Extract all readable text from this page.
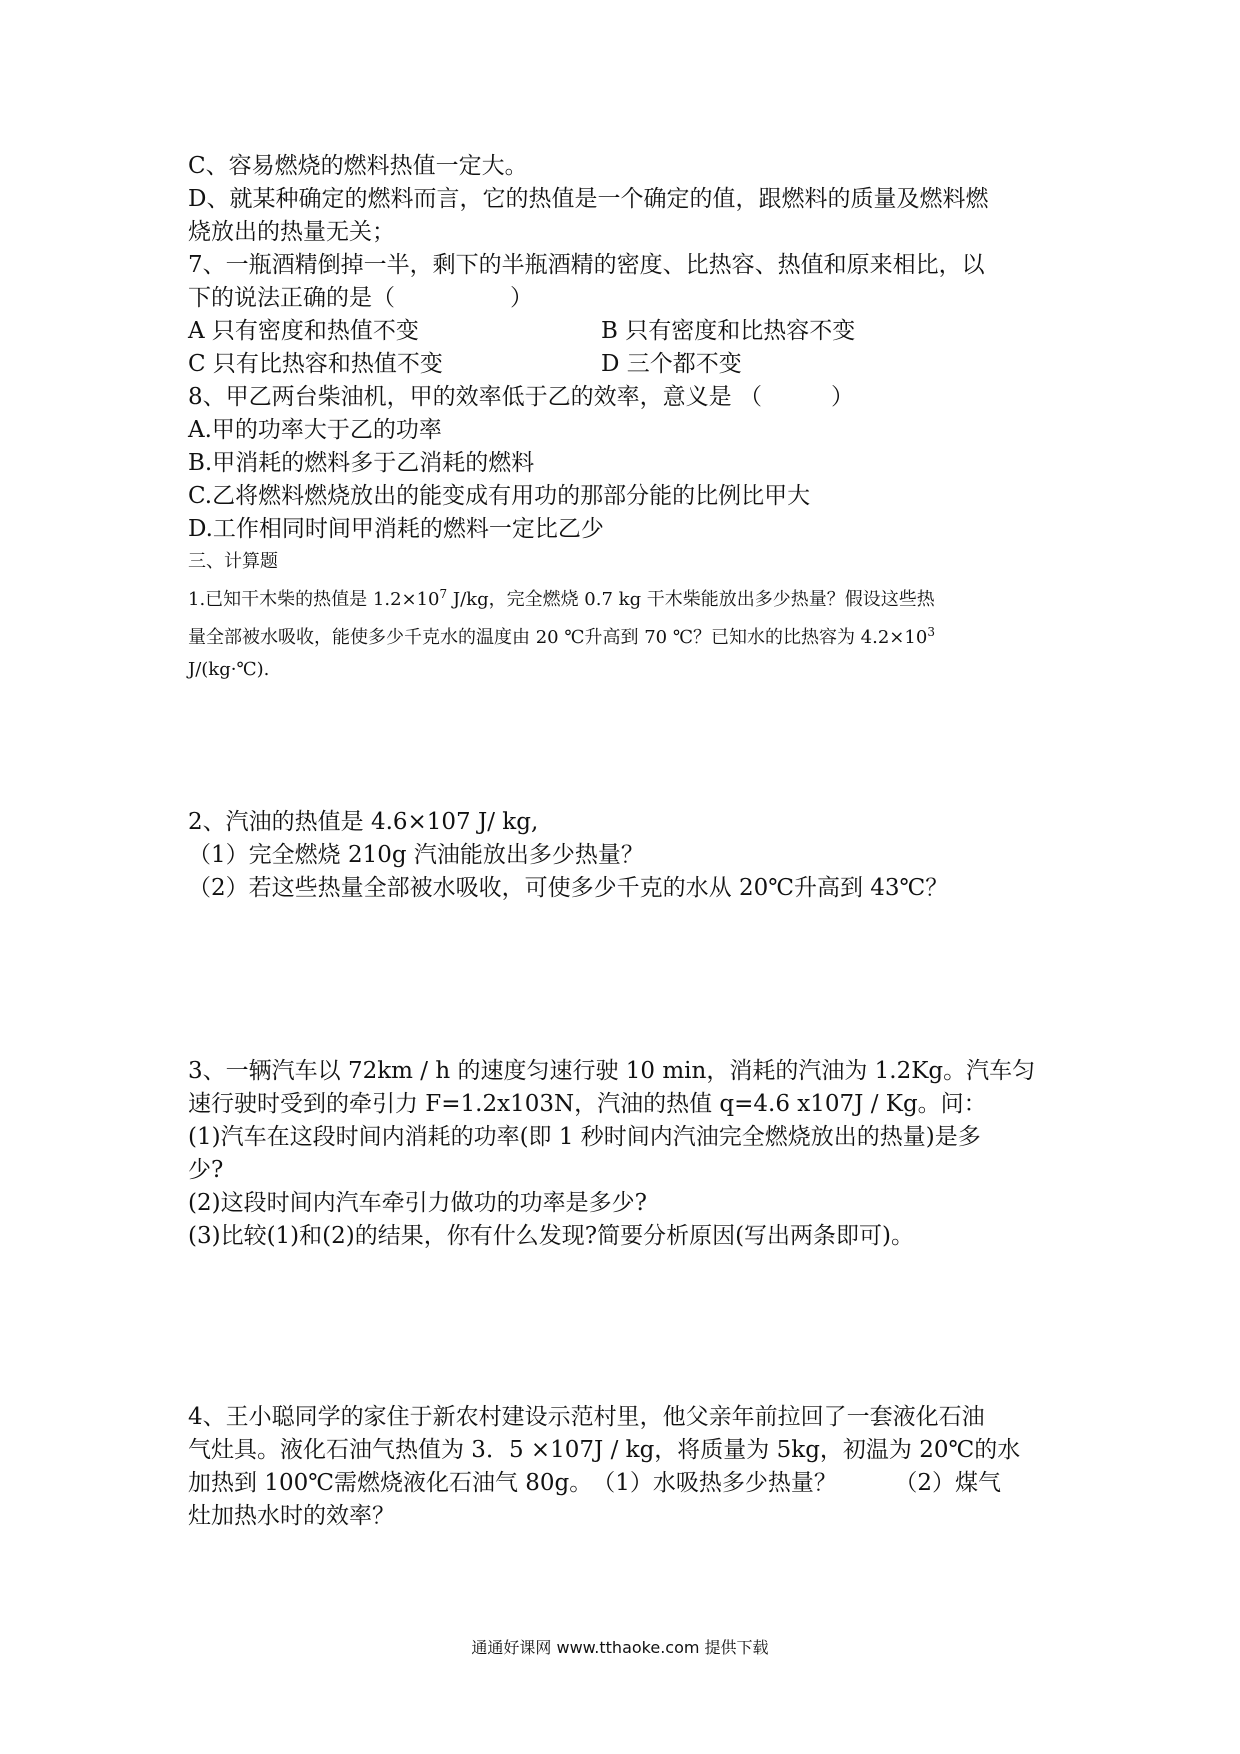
C、容易燃烧的燃料热值一定大。
D、就某种确定的燃料而言，它的热值是一个确定的值，跟燃料的质量及燃料燃
烧放出的热量无关；
7、一瓶酒精倒掉一半，剩下的半瓶酒精的密度、比热容、热值和原来相比，以
下的说法正确的是（　　　　　）
A 只有密度和热值不变	B 只有密度和比热容不变
C 只有比热容和热值不变	D 三个都不变
8、甲乙两台柴油机，甲的效率低于乙的效率，意义是 （　　　）
A.甲的功率大于乙的功率
B.甲消耗的燃料多于乙消耗的燃料
C.乙将燃料燃烧放出的能变成有用功的那部分能的比例比甲大
D.工作相同时间甲消耗的燃料一定比乙少
三、计算题
1.已知干木柴的热值是 $1.2\times 10^7$ J/kg，完全燃烧 0.7 kg 干木柴能放出多少热量？假设这些热
量全部被水吸收，能使多少千克水的温度由 20 ℃升高到 70 ℃？已知水的比热容为 $4.2\times 10^3$
J/(kg·℃).
2、汽油的热值是 4.6×107 J/ kg,
（1）完全燃烧 210g 汽油能放出多少热量？
（2）若这些热量全部被水吸收，可使多少千克的水从 20℃升高到 43℃？
3、一辆汽车以 72km / h 的速度匀速行驶 10 min，消耗的汽油为 1.2Kg。汽车匀
速行驶时受到的牵引力 F=1.2x103N，汽油的热值 q=4.6 x107J / Kg。问：
(1)汽车在这段时间内消耗的功率(即 1 秒时间内汽油完全燃烧放出的热量)是多
少?
(2)这段时间内汽车牵引力做功的功率是多少?
(3)比较(1)和(2)的结果，你有什么发现?简要分析原因(写出两条即可)。
4、王小聪同学的家住于新农村建设示范村里，他父亲年前拉回了一套液化石油
气灶具。液化石油气热值为 3．5 ×107J / kg，将质量为 5kg，初温为 20℃的水
加热到 100℃需燃烧液化石油气 80g。　（1）水吸热多少热量？　　　（2）煤气
灶加热水时的效率？
通通好课网 www.tthaoke.com 提供下载
